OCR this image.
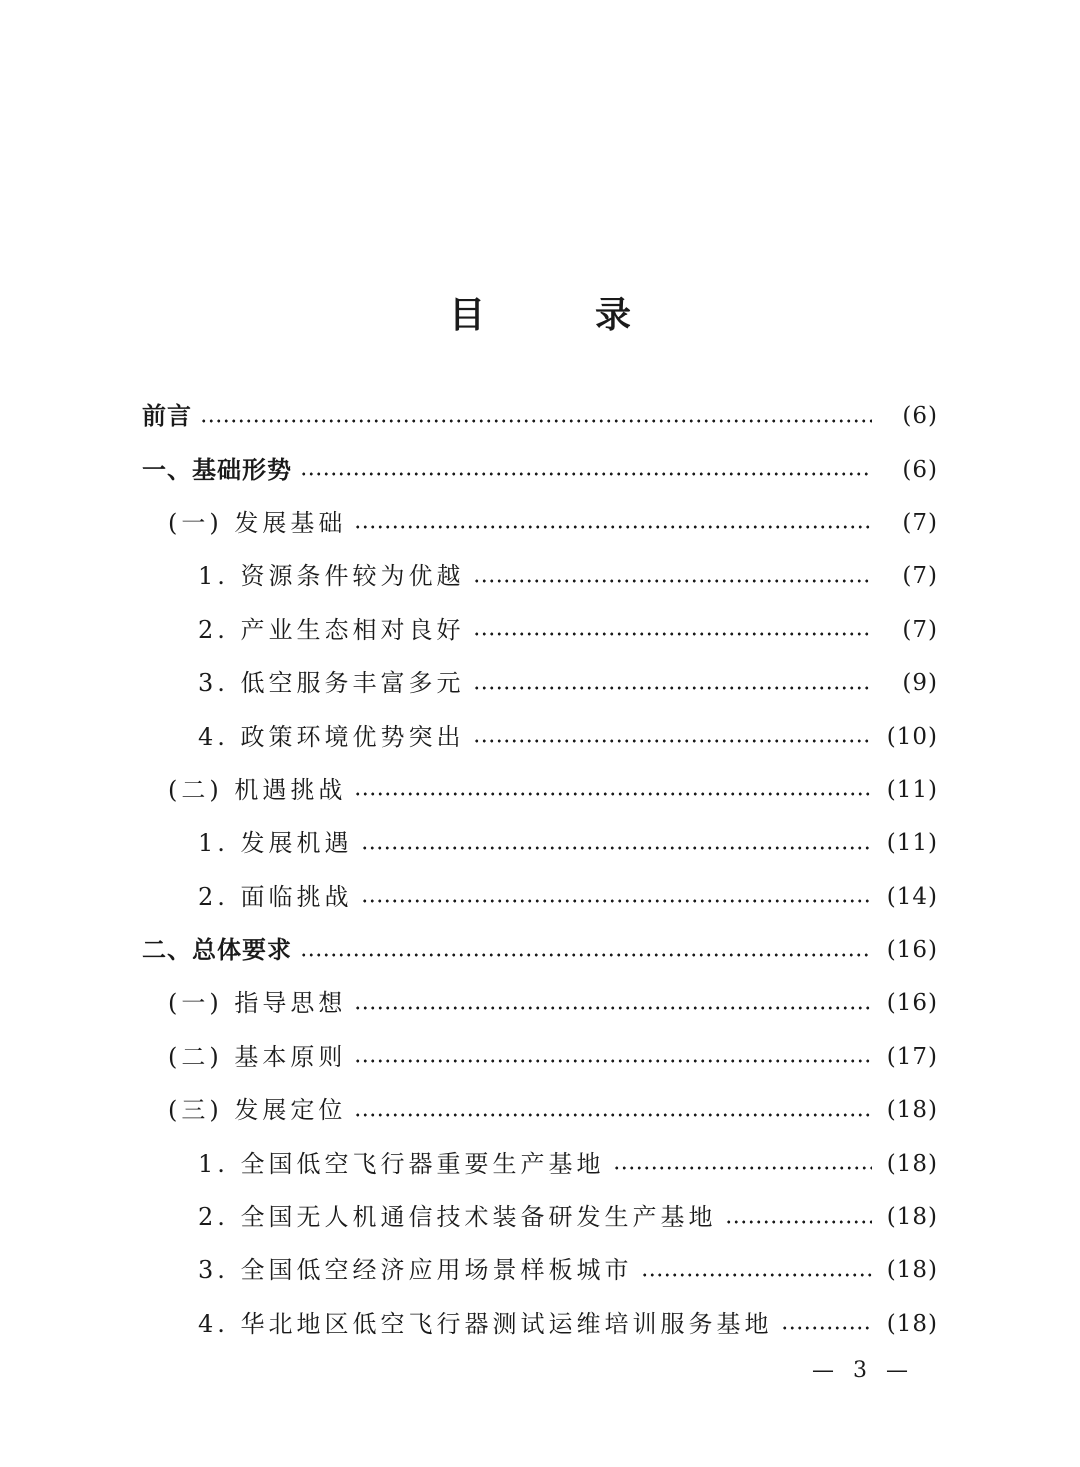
目	录
前言	(6)
一、基础形势	(6)
(一) 发展基础	(7)
1. 资源条件较为优越	(7)
2. 产业生态相对良好	(7)
3. 低空服务丰富多元	(9)
4. 政策环境优势突出	(10)
(二) 机遇挑战	(11)
1. 发展机遇	(11)
2. 面临挑战	(14)
二、总体要求	(16)
(一) 指导思想	(16)
(二) 基本原则	(17)
(三) 发展定位	(18)
1. 全国低空飞行器重要生产基地	(18)
2. 全国无人机通信技术装备研发生产基地	(18)
3. 全国低空经济应用场景样板城市	(18)
4. 华北地区低空飞行器测试运维培训服务基地	(18)
— 3 —
